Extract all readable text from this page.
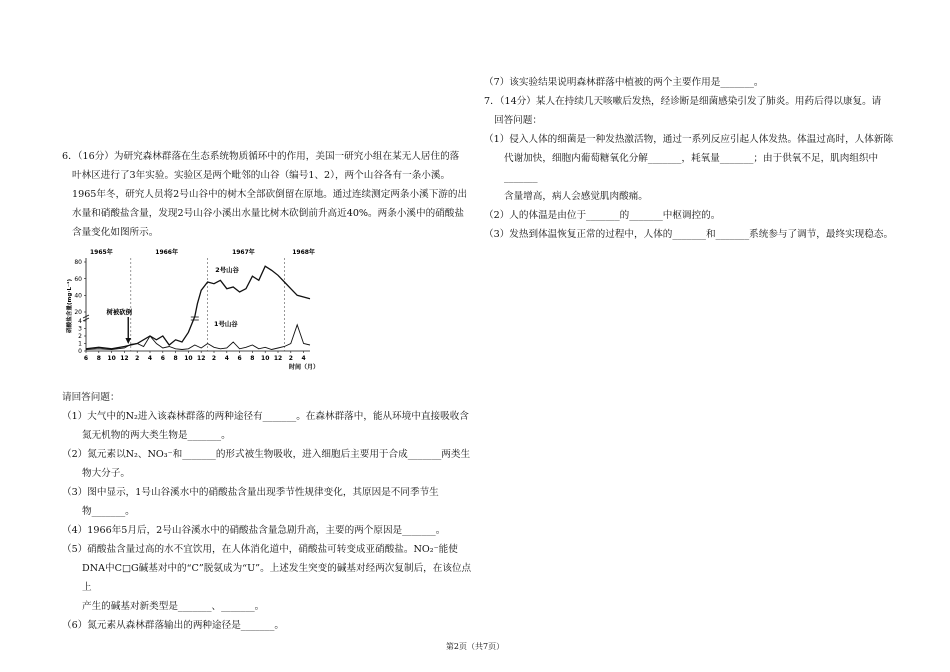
6．（16分）为研究森林群落在生态系统物质循环中的作用，美国一研究小组在某无人居住的落

叶林区进行了3年实验。实验区是两个毗邻的山谷（编号1、2），两个山谷各有一条小溪。

1965年冬，研究人员将2号山谷中的树木全部砍倒留在原地。通过连续测定两条小溪下游的出

水量和硝酸盐含量，发现2号山谷小溪出水量比树木砍倒前升高近40%。两条小溪中的硝酸盐

含量变化如图所示。

0
1
2
3
4
20
40
60
80
硝酸盐含量(mg·L⁻¹)
6 8 10 12 2 4 6 8 10 12 2 4 6 8 10 12 2 4
时间（月）
1965年	1966年	1967年	1968年
2号山谷
1号山谷
树被砍倒

请回答问题：

（1）大气中的N₂进入该森林群落的两种途径有_______。在森林群落中，能从环境中直接吸收含

氮无机物的两大类生物是_______。

（2）氮元素以N₂、NO₃⁻和_______的形式被生物吸收，进入细胞后主要用于合成_______两类生

物大分子。

（3）图中显示，1号山谷溪水中的硝酸盐含量出现季节性规律变化，其原因是不同季节生

物_______。

（4）1966年5月后，2号山谷溪水中的硝酸盐含量急剧升高，主要的两个原因是_______。

（5）硝酸盐含量过高的水不宜饮用，在人体消化道中，硝酸盐可转变成亚硝酸盐。NO₂⁻能使

DNA中C□G碱基对中的“C”脱氨成为“U”。上述发生突变的碱基对经两次复制后，在该位点上

产生的碱基对新类型是_______、_______。

（6）氮元素从森林群落输出的两种途径是_______。

（7）该实验结果说明森林群落中植被的两个主要作用是_______。

7．（14分）某人在持续几天咳嗽后发热，经诊断是细菌感染引发了肺炎。用药后得以康复。请

回答问题：

（1）侵入人体的细菌是一种发热激活物，通过一系列反应引起人体发热。体温过高时，人体新陈

代谢加快，细胞内葡萄糖氧化分解_______，耗氧量_______；由于供氧不足，肌肉组织中_______

含量增高，病人会感觉肌肉酸痛。

（2）人的体温是由位于_______的_______中枢调控的。

（3）发热到体温恢复正常的过程中，人体的_______和_______系统参与了调节，最终实现稳态。

第2页（共7页）
